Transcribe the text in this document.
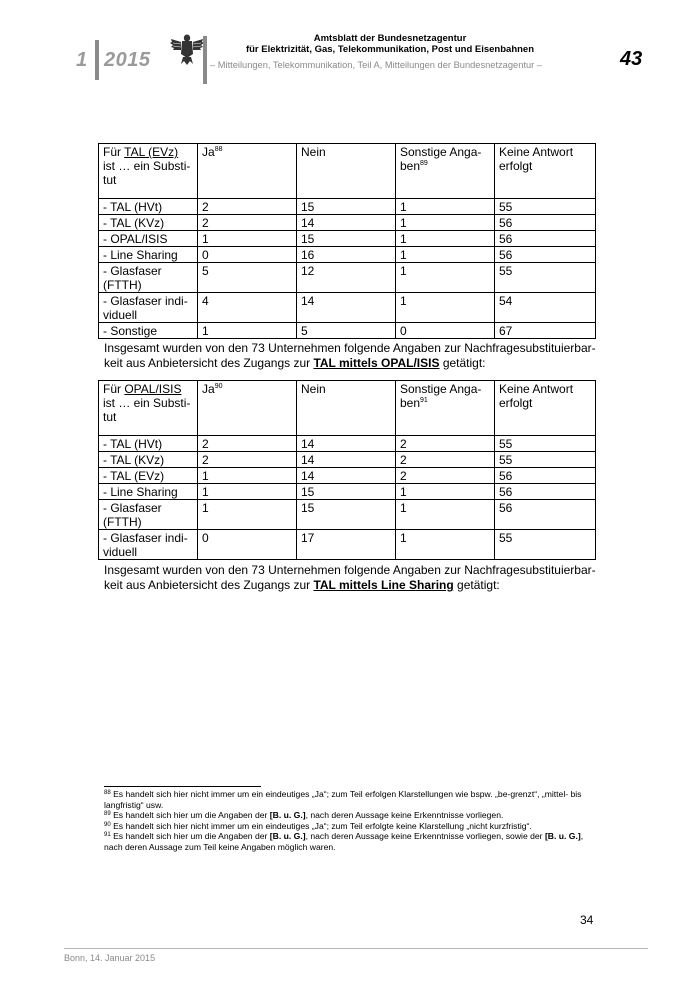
1 2015
Amtsblatt der Bundesnetzagentur
für Elektrizität, Gas, Telekommunikation, Post und Eisenbahnen
– Mitteilungen, Telekommunikation, Teil A, Mitteilungen der Bundesnetzagentur –	43
Für TAL (EVz) ist … ein Substi-tut	Ja$^{88}$	Nein	Sonstige Anga-ben$^{89}$	Keine Antwort erfolgt
- TAL (HVt)	2	15	1	55
- TAL (KVz)	2	14	1	56
- OPAL/ISIS	1	15	1	56
- Line Sharing	0	16	1	56
- Glasfaser (FTTH)	5	12	1	55
- Glasfaser indi-viduell	4	14	1	54
- Sonstige	1	5	0	67
Insgesamt wurden von den 73 Unternehmen folgende Angaben zur Nachfragesubstituierbar-keit aus Anbietersicht des Zugangs zur TAL mittels OPAL/ISIS getätigt:
Für OPAL/ISIS ist … ein Substi-tut	Ja$^{90}$	Nein	Sonstige Anga-ben$^{91}$	Keine Antwort erfolgt
- TAL (HVt)	2	14	2	55
- TAL (KVz)	2	14	2	55
- TAL (EVz)	1	14	2	56
- Line Sharing	1	15	1	56
- Glasfaser (FTTH)	1	15	1	56
- Glasfaser indi-viduell	0	17	1	55
Insgesamt wurden von den 73 Unternehmen folgende Angaben zur Nachfragesubstituierbar-keit aus Anbietersicht des Zugangs zur TAL mittels Line Sharing getätigt:
$^{88}$ Es handelt sich hier nicht immer um ein eindeutiges „Ja“; zum Teil erfolgen Klarstellungen wie bspw. „be-grenzt“, „mittel- bis langfristig“ usw.
$^{89}$ Es handelt sich hier um die Angaben der [B. u. G.], nach deren Aussage keine Erkenntnisse vorliegen.
$^{90}$ Es handelt sich hier nicht immer um ein eindeutiges „Ja“; zum Teil erfolgte keine Klarstellung „nicht kurzfristig“.
$^{91}$ Es handelt sich hier um die Angaben der [B. u. G.], nach deren Aussage keine Erkenntnisse vorliegen, sowie der [B. u. G.], nach deren Aussage zum Teil keine Angaben möglich waren.
34
Bonn, 14. Januar 2015
